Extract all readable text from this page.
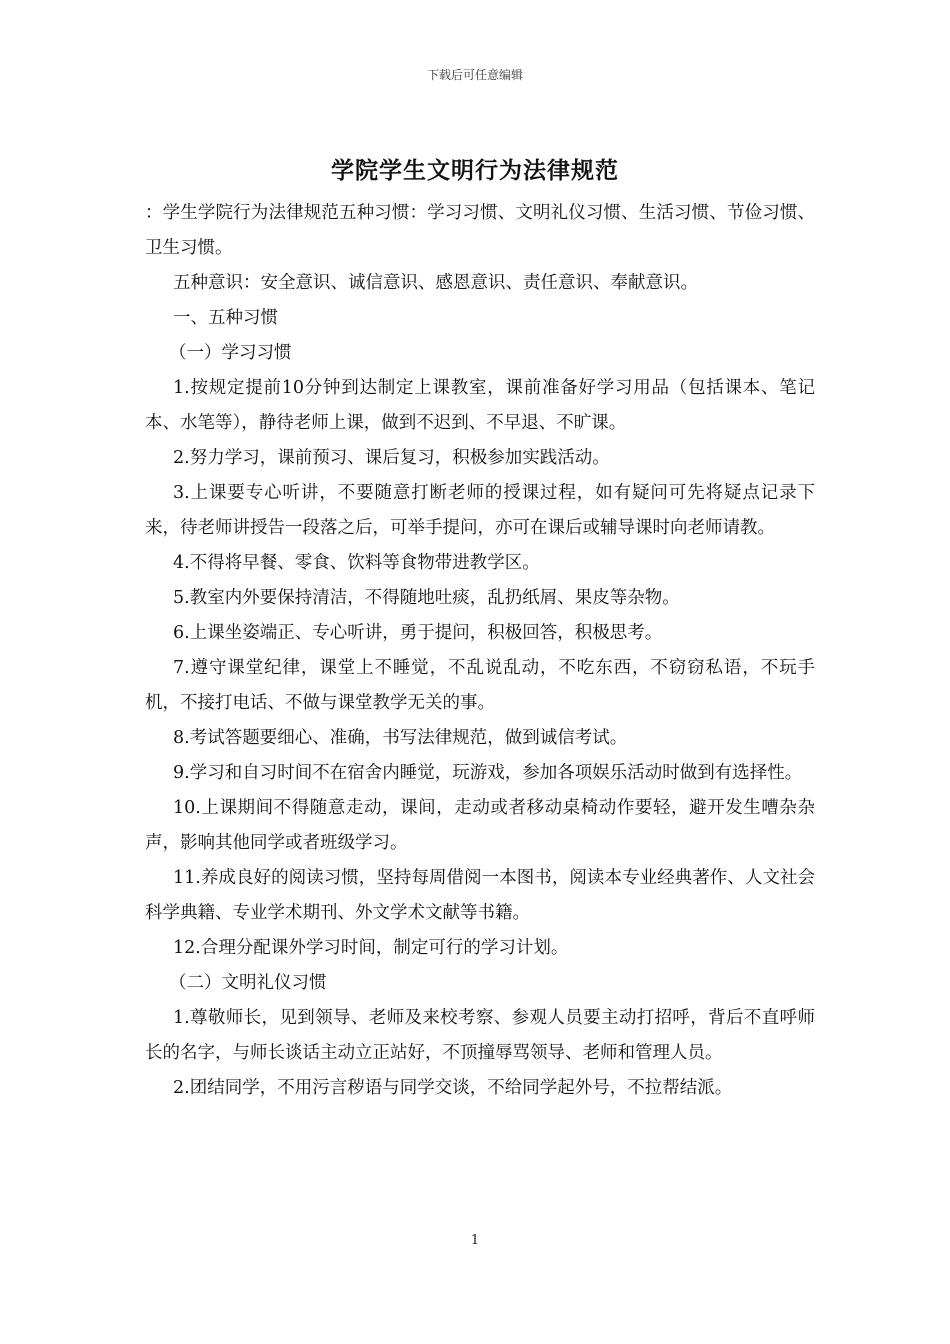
下载后可任意编辑
学院学生文明行为法律规范

：学生学院行为法律规范五种习惯：学习习惯、文明礼仪习惯、生活习惯、节俭习惯、卫生习惯。

五种意识：安全意识、诚信意识、感恩意识、责任意识、奉献意识。

一、五种习惯

（一）学习习惯

1.按规定提前10分钟到达制定上课教室，课前准备好学习用品（包括课本、笔记本、水笔等），静待老师上课，做到不迟到、不早退、不旷课。

2.努力学习，课前预习、课后复习，积极参加实践活动。

3.上课要专心听讲，不要随意打断老师的授课过程，如有疑问可先将疑点记录下来，待老师讲授告一段落之后，可举手提问，亦可在课后或辅导课时向老师请教。

4.不得将早餐、零食、饮料等食物带进教学区。

5.教室内外要保持清洁，不得随地吐痰，乱扔纸屑、果皮等杂物。

6.上课坐姿端正、专心听讲，勇于提问，积极回答，积极思考。

7.遵守课堂纪律，课堂上不睡觉，不乱说乱动，不吃东西，不窃窃私语，不玩手机，不接打电话、不做与课堂教学无关的事。

8.考试答题要细心、准确，书写法律规范，做到诚信考试。

9.学习和自习时间不在宿舍内睡觉，玩游戏，参加各项娱乐活动时做到有选择性。

10.上课期间不得随意走动，课间，走动或者移动桌椅动作要轻，避开发生嘈杂杂声，影响其他同学或者班级学习。

11.养成良好的阅读习惯，坚持每周借阅一本图书，阅读本专业经典著作、人文社会科学典籍、专业学术期刊、外文学术文献等书籍。

12.合理分配课外学习时间，制定可行的学习计划。

（二）文明礼仪习惯

1.尊敬师长，见到领导、老师及来校考察、参观人员要主动打招呼，背后不直呼师长的名字，与师长谈话主动立正站好，不顶撞辱骂领导、老师和管理人员。

2.团结同学，不用污言秽语与同学交谈，不给同学起外号，不拉帮结派。

1
